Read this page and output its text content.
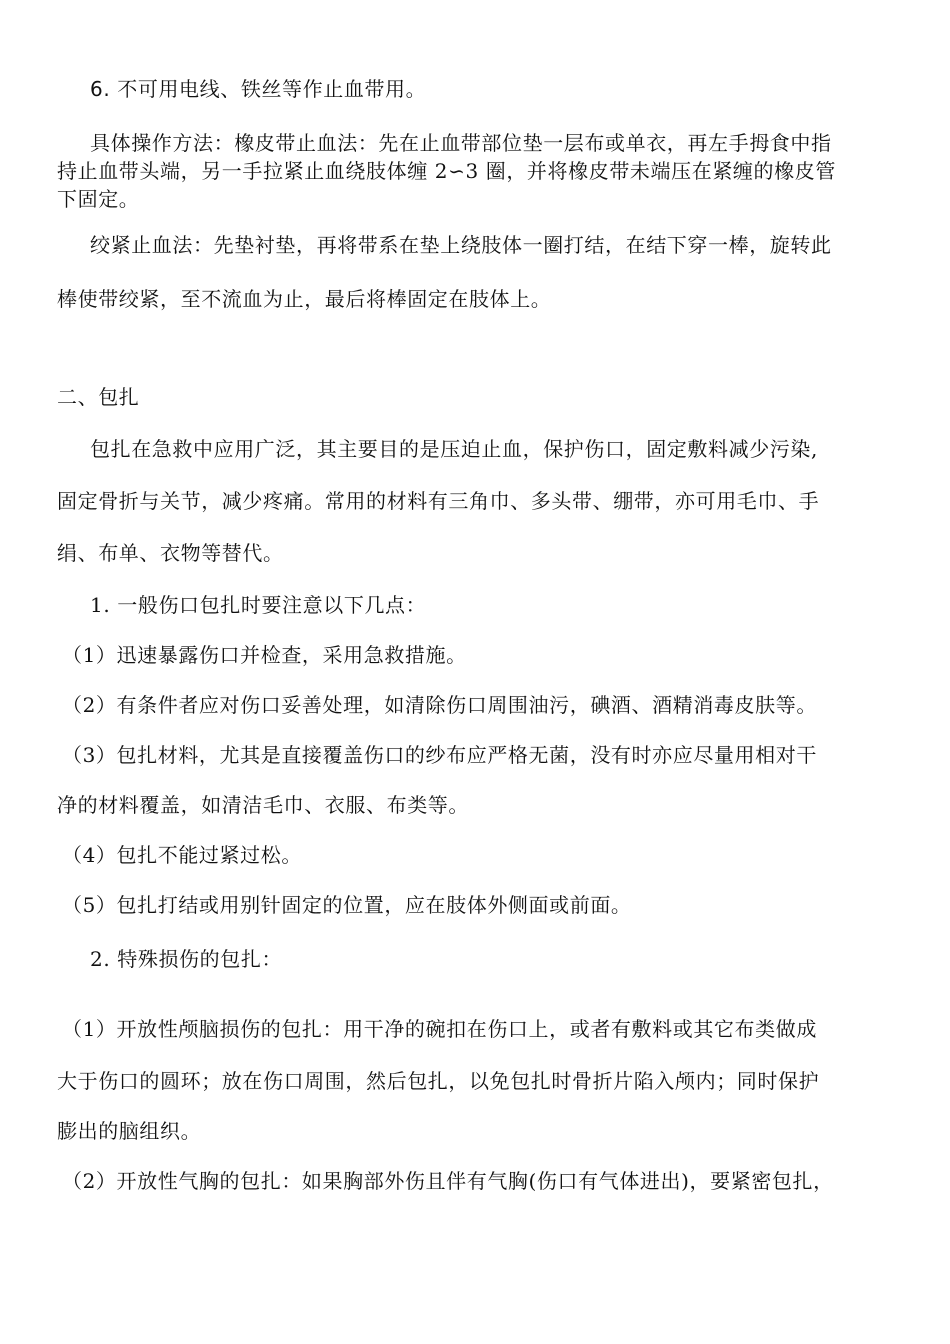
6. 不可用电线、铁丝等作止血带用。
具体操作方法：橡皮带止血法：先在止血带部位垫一层布或单衣，再左手拇食中指
持止血带头端，另一手拉紧止血绕肢体缠 2∽3 圈，并将橡皮带未端压在紧缠的橡皮管
下固定。
绞紧止血法：先垫衬垫，再将带系在垫上绕肢体一圈打结，在结下穿一棒，旋转此
棒使带绞紧，至不流血为止，最后将棒固定在肢体上。
二、包扎
包扎在急救中应用广泛，其主要目的是压迫止血，保护伤口，固定敷料减少污染,
固定骨折与关节，减少疼痛。常用的材料有三角巾、多头带、绷带，亦可用毛巾、手
绢、布单、衣物等替代。
1. 一般伤口包扎时要注意以下几点：
（1）迅速暴露伤口并检查，采用急救措施。
（2）有条件者应对伤口妥善处理，如清除伤口周围油污，碘酒、酒精消毒皮肤等。
（3）包扎材料，尤其是直接覆盖伤口的纱布应严格无菌，没有时亦应尽量用相对干
净的材料覆盖，如清洁毛巾、衣服、布类等。
（4）包扎不能过紧过松。
（5）包扎打结或用别针固定的位置，应在肢体外侧面或前面。
2. 特殊损伤的包扎：
（1）开放性颅脑损伤的包扎：用干净的碗扣在伤口上，或者有敷料或其它布类做成
大于伤口的圆环；放在伤口周围，然后包扎，以免包扎时骨折片陷入颅内；同时保护
膨出的脑组织。
（2）开放性气胸的包扎：如果胸部外伤且伴有气胸(伤口有气体进出)，要紧密包扎，
